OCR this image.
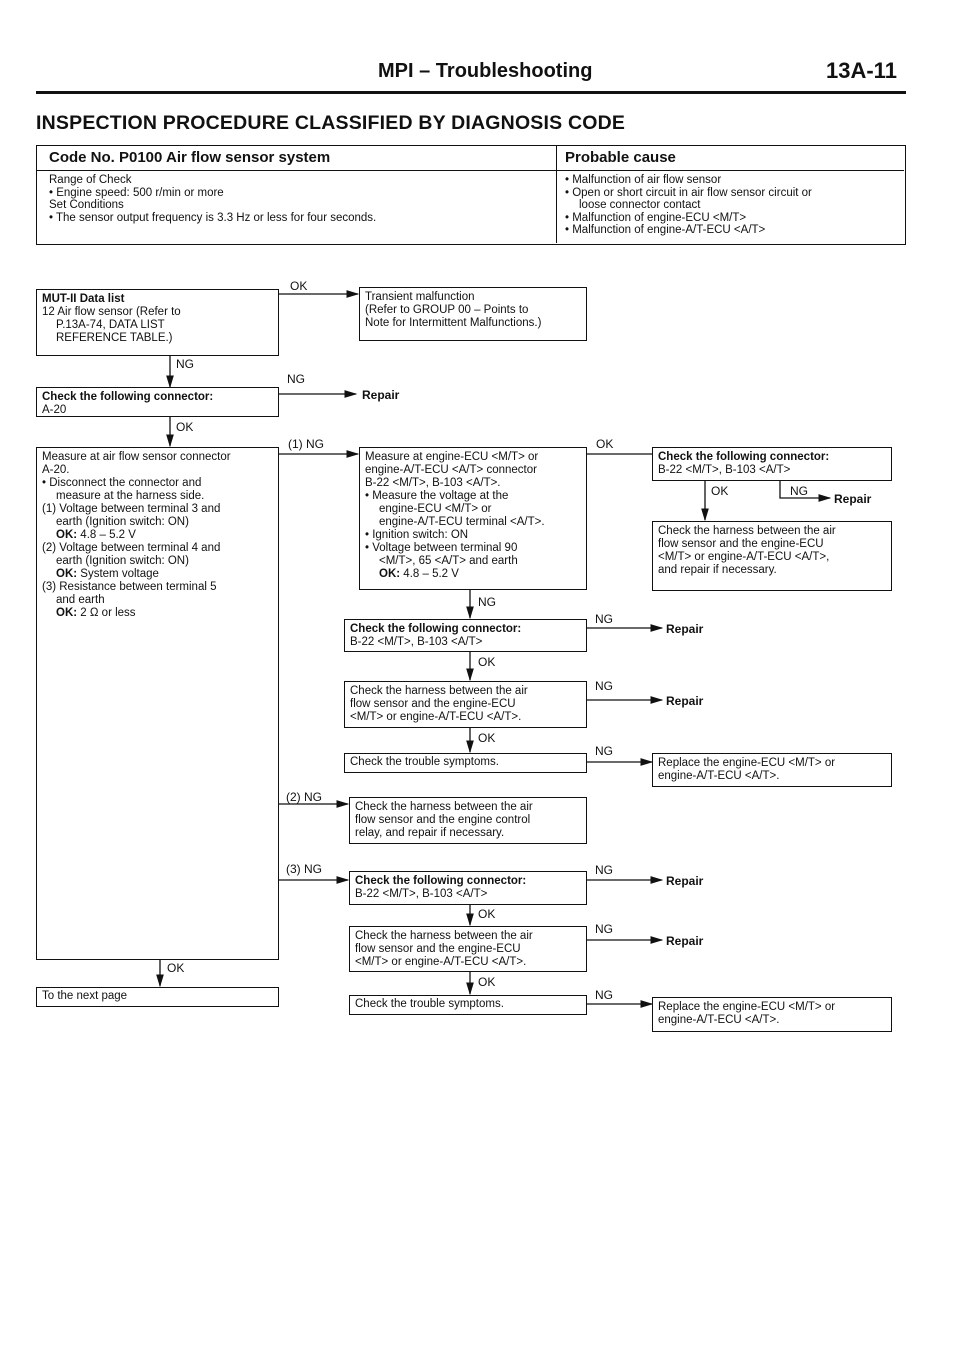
MPI – Troubleshooting	13A-11
INSPECTION PROCEDURE CLASSIFIED BY DIAGNOSIS CODE
Code No. P0100 Air flow sensor system	Probable cause
Range of Check
• Engine speed: 500 r/min or more
Set Conditions
• The sensor output frequency is 3.3 Hz or less for four seconds.
• Malfunction of air flow sensor
• Open or short circuit in air flow sensor circuit or
loose connector contact
• Malfunction of engine-ECU <M/T>
• Malfunction of engine-A/T-ECU <A/T>
MUT-II Data list
12 Air flow sensor (Refer to
P.13A-74, DATA LIST
REFERENCE TABLE.)
OK
Transient malfunction
(Refer to GROUP 00 – Points to
Note for Intermittent Malfunctions.)
NG
Check the following connector:
A-20
NG
Repair
OK
Measure at air flow sensor connector
A-20.
• Disconnect the connector and
measure at the harness side.
(1) Voltage between terminal 3 and
earth (Ignition switch: ON)
OK: 4.8 – 5.2 V
(2) Voltage between terminal 4 and
earth (Ignition switch: ON)
OK: System voltage
(3) Resistance between terminal 5
and earth
OK: 2 Ω or less
(1) NG
Measure at engine-ECU <M/T> or
engine-A/T-ECU <A/T> connector
B-22 <M/T>, B-103 <A/T>.
• Measure the voltage at the
engine-ECU <M/T> or
engine-A/T-ECU terminal <A/T>.
• Ignition switch: ON
• Voltage between terminal 90
<M/T>, 65 <A/T> and earth
OK: 4.8 – 5.2 V
OK
Check the following connector:
B-22 <M/T>, B-103 <A/T>
OK	NG
Repair
Check the harness between the air
flow sensor and the engine-ECU
<M/T> or engine-A/T-ECU <A/T>,
and repair if necessary.
NG
Check the following connector:
B-22 <M/T>, B-103 <A/T>
NG
Repair
OK
Check the harness between the air
flow sensor and the engine-ECU
<M/T> or engine-A/T-ECU <A/T>.
NG
Repair
OK
Check the trouble symptoms.
NG
Replace the engine-ECU <M/T> or
engine-A/T-ECU <A/T>.
(2) NG
Check the harness between the air
flow sensor and the engine control
relay, and repair if necessary.
(3) NG
Check the following connector:
B-22 <M/T>, B-103 <A/T>
NG
Repair
OK
Check the harness between the air
flow sensor and the engine-ECU
<M/T> or engine-A/T-ECU <A/T>.
NG
Repair
OK
Check the trouble symptoms.
NG
Replace the engine-ECU <M/T> or
engine-A/T-ECU <A/T>.
OK
To the next page
